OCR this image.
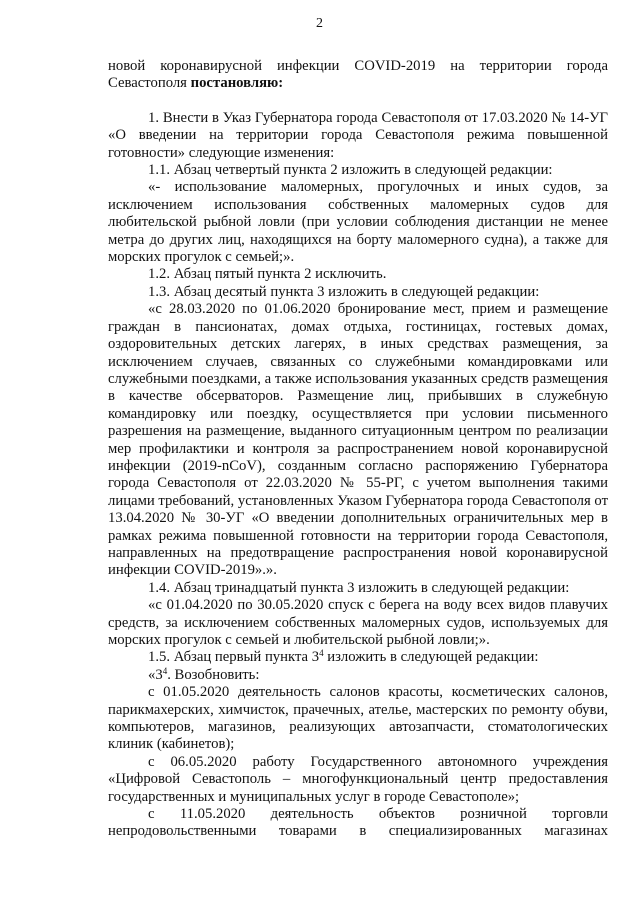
2

новой коронавирусной инфекции COVID-2019 на территории города Севастополя постановляю:

1. Внести в Указ Губернатора города Севастополя от 17.03.2020 № 14-УГ «О введении на территории города Севастополя режима повышенной готовности» следующие изменения:

1.1. Абзац четвертый пункта 2 изложить в следующей редакции:

«- использование маломерных, прогулочных и иных судов, за исключением использования собственных маломерных судов для любительской рыбной ловли (при условии соблюдения дистанции не менее метра до других лиц, находящихся на борту маломерного судна), а также для морских прогулок с семьей;».

1.2. Абзац пятый пункта 2 исключить.

1.3. Абзац десятый пункта 3 изложить в следующей редакции:

«с 28.03.2020 по 01.06.2020 бронирование мест, прием и размещение граждан в пансионатах, домах отдыха, гостиницах, гостевых домах, оздоровительных детских лагерях, в иных средствах размещения, за исключением случаев, связанных со служебными командировками или служебными поездками, а также использования указанных средств размещения в качестве обсерваторов. Размещение лиц, прибывших в служебную командировку или поездку, осуществляется при условии письменного разрешения на размещение, выданного ситуационным центром по реализации мер профилактики и контроля за распространением новой коронавирусной инфекции (2019-nCoV), созданным согласно распоряжению Губернатора города Севастополя от 22.03.2020 № 55-РГ, с учетом выполнения такими лицами требований, установленных Указом Губернатора города Севастополя от 13.04.2020 № 30-УГ «О введении дополнительных ограничительных мер в рамках режима повышенной готовности на территории города Севастополя, направленных на предотвращение распространения новой коронавирусной инфекции COVID-2019».».

1.4. Абзац тринадцатый пункта 3 изложить в следующей редакции:

«с 01.04.2020 по 30.05.2020 спуск с берега на воду всех видов плавучих средств, за исключением собственных маломерных судов, используемых для морских прогулок с семьей и любительской рыбной ловли;».

1.5. Абзац первый пункта $3^4$ изложить в следующей редакции:

«$3^4$. Возобновить:

с 01.05.2020 деятельность салонов красоты, косметических салонов, парикмахерских, химчисток, прачечных, ателье, мастерских по ремонту обуви, компьютеров, магазинов, реализующих автозапчасти, стоматологических клиник (кабинетов);

с 06.05.2020 работу Государственного автономного учреждения «Цифровой Севастополь – многофункциональный центр предоставления государственных и муниципальных услуг в городе Севастополе»;

с 11.05.2020 деятельность объектов розничной торговли непродовольственными товарами в специализированных магазинах
